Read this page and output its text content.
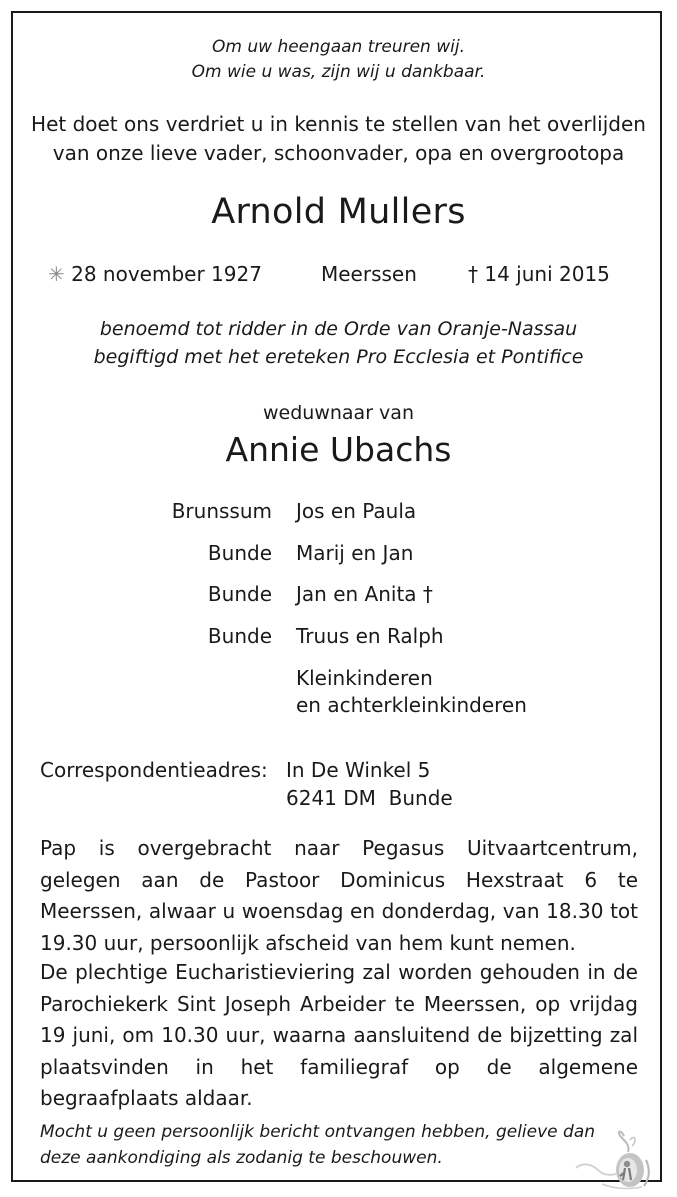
Om uw heengaan treuren wij.
Om wie u was, zijn wij u dankbaar.
Het doet ons verdriet u in kennis te stellen van het overlijden
van onze lieve vader, schoonvader, opa en overgrootopa
Arnold Mullers
✳ 28 november 1927	Meerssen	† 14 juni 2015
benoemd tot ridder in de Orde van Oranje-Nassau
begiftigd met het ereteken Pro Ecclesia et Pontifice
weduwnaar van
Annie Ubachs
Brunssum Jos en Paula
Bunde Marij en Jan
Bunde Jan en Anita †
Bunde Truus en Ralph
Kleinkinderen
en achterkleinkinderen
Correspondentieadres: In De Winkel 5
6241 DM  Bunde
Pap is overgebracht naar Pegasus Uitvaartcentrum, gelegen aan de Pastoor Dominicus Hexstraat 6 te Meerssen, alwaar u woensdag en donderdag, van 18.30 tot 19.30 uur, persoonlijk afscheid van hem kunt nemen.
De plechtige Eucharistieviering zal worden gehouden in de Parochiekerk Sint Joseph Arbeider te Meerssen, op vrijdag 19 juni, om 10.30 uur, waarna aansluitend de bijzetting zal plaatsvinden in het familiegraf op de algemene begraafplaats aldaar.
Mocht u geen persoonlijk bericht ontvangen hebben, gelieve dan
deze aankondiging als zodanig te beschouwen.
